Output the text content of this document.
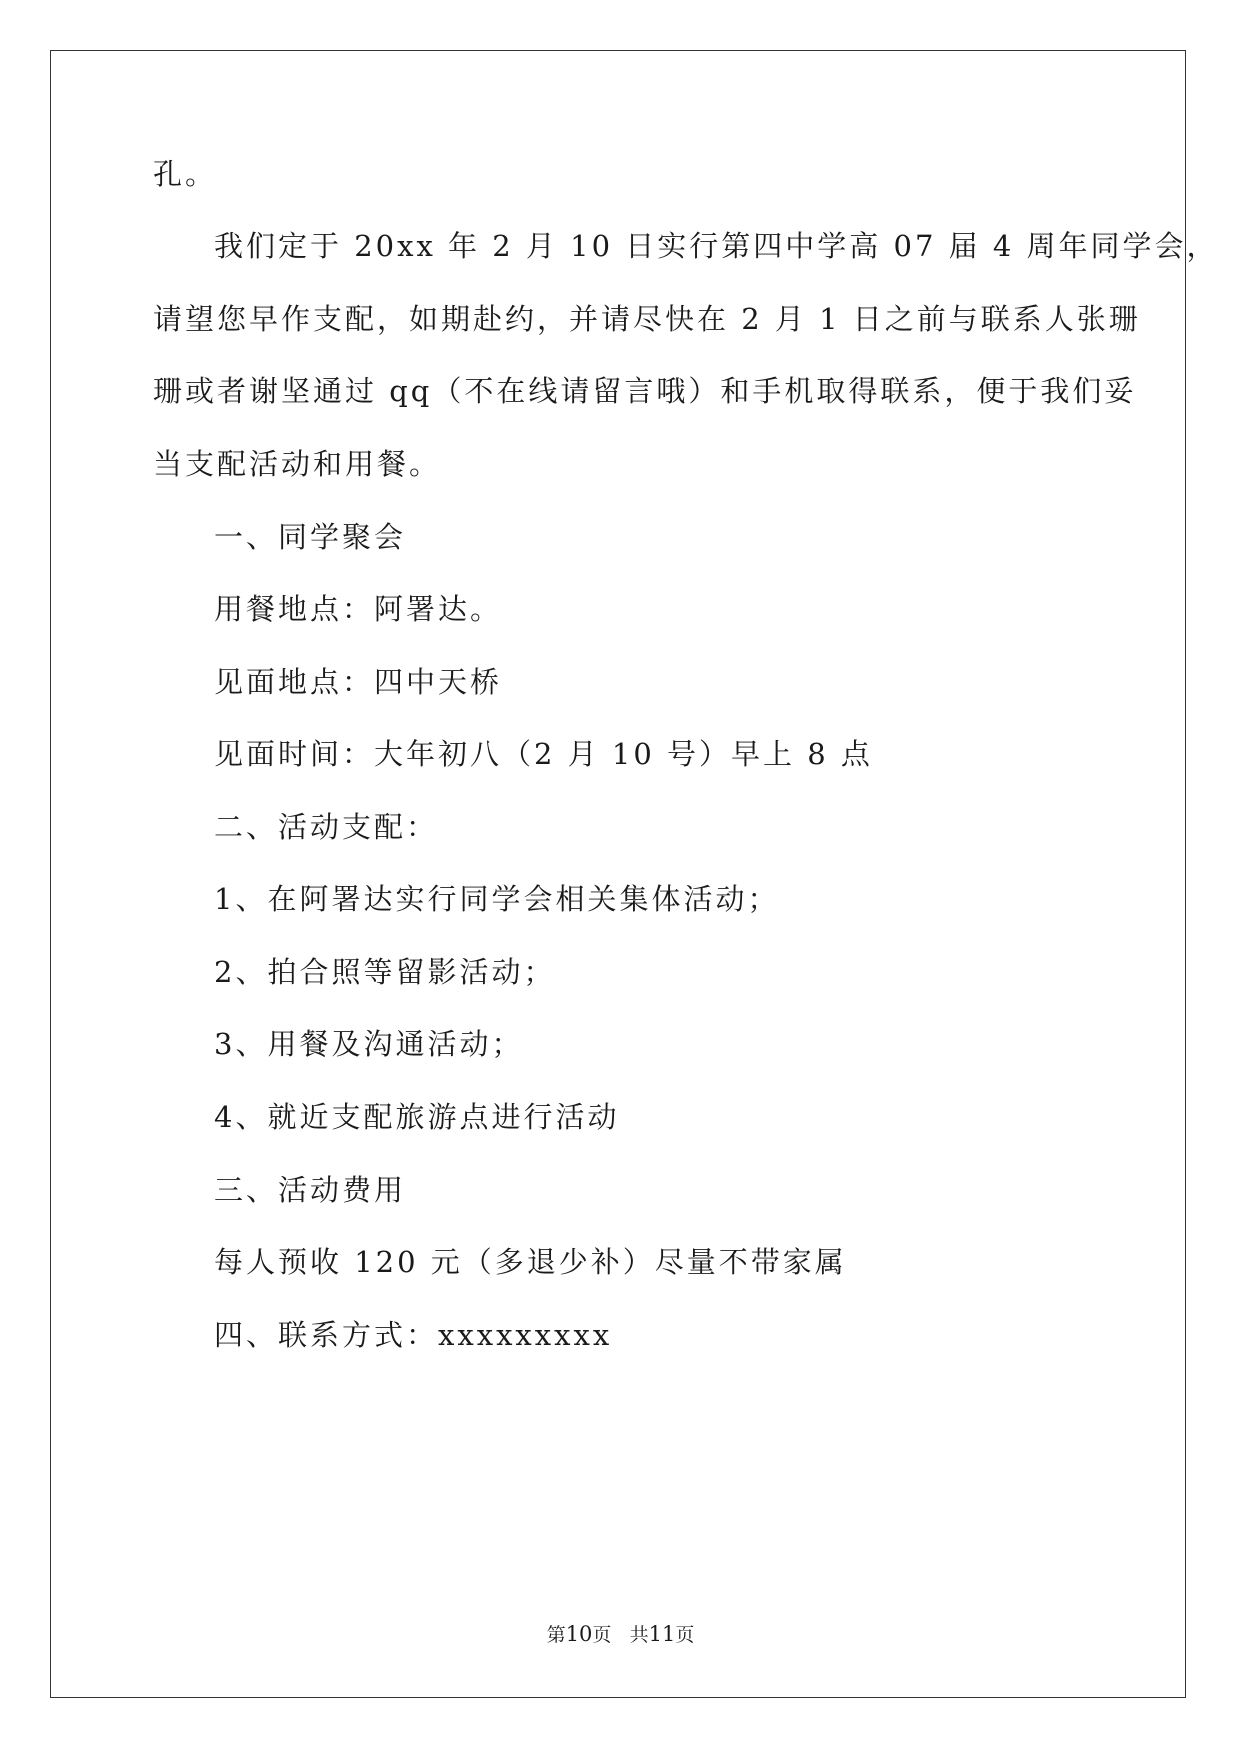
孔。
我们定于 20xx 年 2 月 10 日实行第四中学高 07 届 4 周年同学会，
请望您早作支配，如期赴约，并请尽快在 2 月 1 日之前与联系人张珊
珊或者谢坚通过 qq（不在线请留言哦）和手机取得联系，便于我们妥
当支配活动和用餐。
一、同学聚会
用餐地点：阿署达。
见面地点：四中天桥
见面时间：大年初八（2 月 10 号）早上 8 点
二、活动支配：
1、在阿署达实行同学会相关集体活动；
2、拍合照等留影活动；
3、用餐及沟通活动；
4、就近支配旅游点进行活动
三、活动费用
每人预收 120 元（多退少补）尽量不带家属
四、联系方式：xxxxxxxxx
第10页 共11页
